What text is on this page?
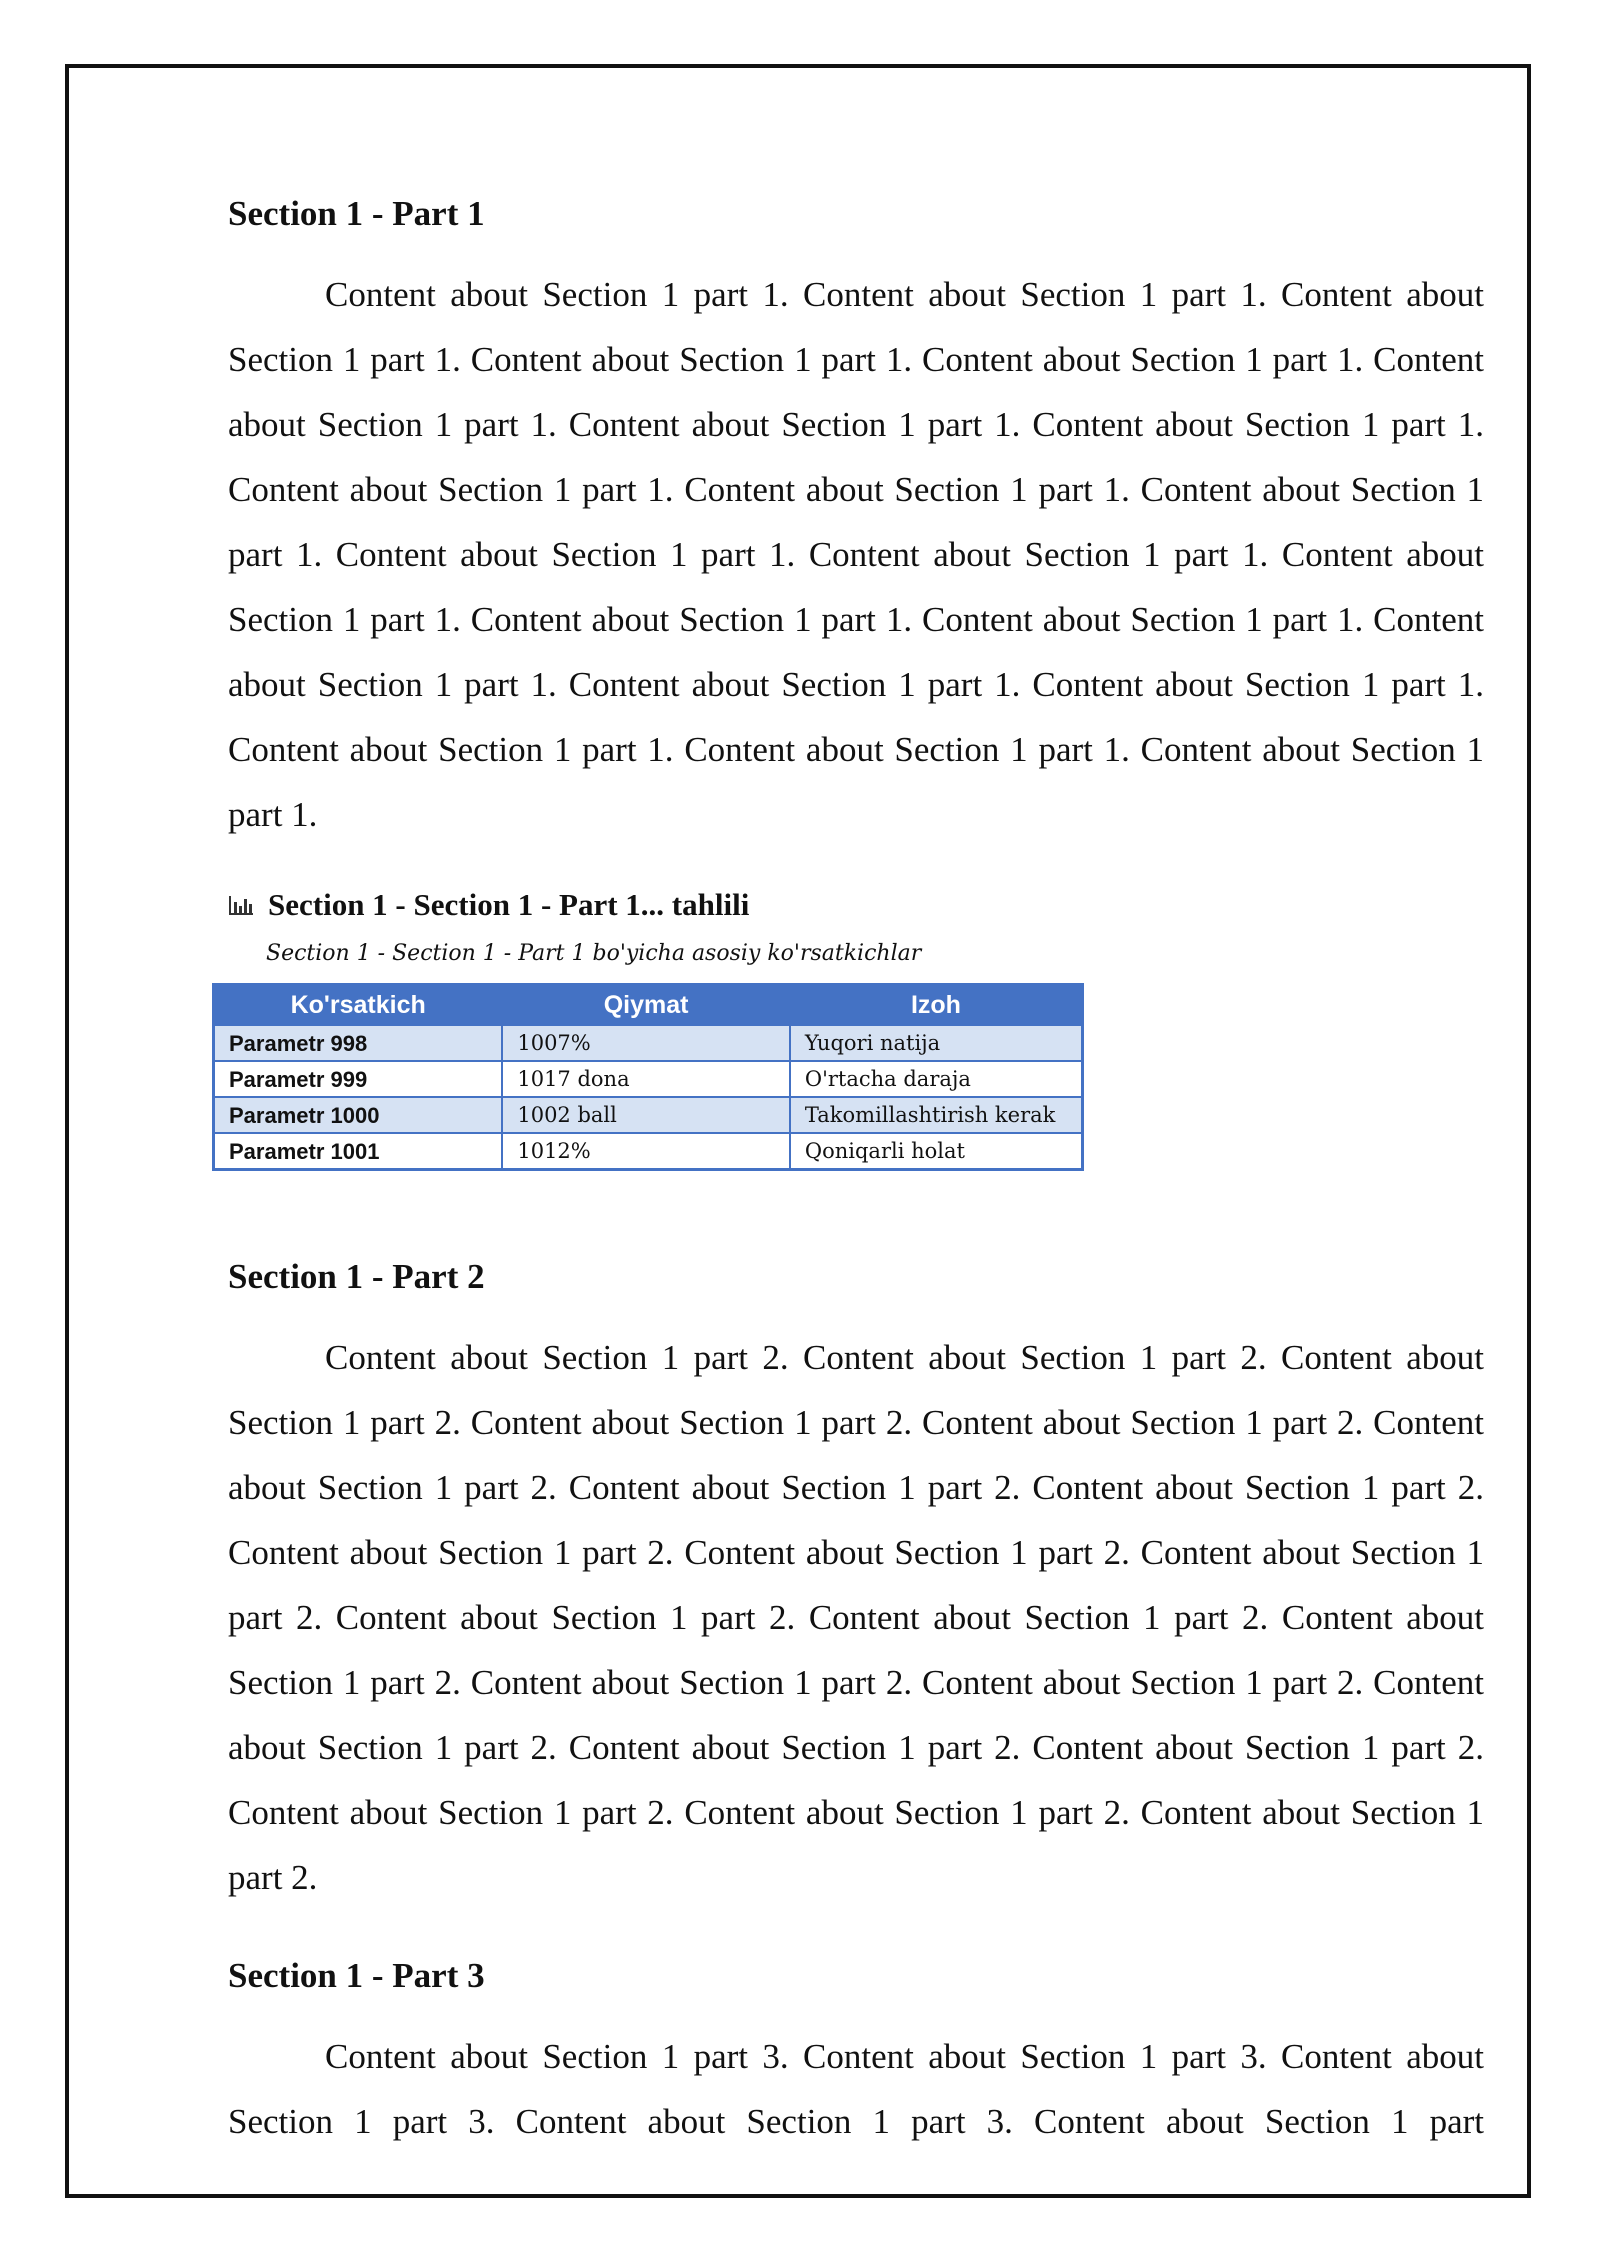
Section 1 - Part 1

Content about Section 1 part 1. Content about Section 1 part 1. Content about Section 1 part 1. Content about Section 1 part 1. Content about Section 1 part 1. Content about Section 1 part 1. Content about Section 1 part 1. Content about Section 1 part 1. Content about Section 1 part 1. Content about Section 1 part 1. Content about Section 1 part 1. Content about Section 1 part 1. Content about Section 1 part 1. Content about Section 1 part 1. Content about Section 1 part 1. Content about Section 1 part 1. Content about Section 1 part 1. Content about Section 1 part 1. Content about Section 1 part 1. Content about Section 1 part 1. Content about Section 1 part 1. Content about Section 1 part 1.

Section 1 - Section 1 - Part 1... tahlili
Section 1 - Section 1 - Part 1 bo'yicha asosiy ko'rsatkichlar
Ko'rsatkich	Qiymat	Izoh
Parametr 998	1007%	Yuqori natija
Parametr 999	1017 dona	O'rtacha daraja
Parametr 1000	1002 ball	Takomillashtirish kerak
Parametr 1001	1012%	Qoniqarli holat
Section 1 - Part 2

Content about Section 1 part 2. Content about Section 1 part 2. Content about Section 1 part 2. Content about Section 1 part 2. Content about Section 1 part 2. Content about Section 1 part 2. Content about Section 1 part 2. Content about Section 1 part 2. Content about Section 1 part 2. Content about Section 1 part 2. Content about Section 1 part 2. Content about Section 1 part 2. Content about Section 1 part 2. Content about Section 1 part 2. Content about Section 1 part 2. Content about Section 1 part 2. Content about Section 1 part 2. Content about Section 1 part 2. Content about Section 1 part 2. Content about Section 1 part 2. Content about Section 1 part 2. Content about Section 1 part 2.

Section 1 - Part 3

Content about Section 1 part 3. Content about Section 1 part 3. Content about Section 1 part 3. Content about Section 1 part 3. Content about Section 1 part
